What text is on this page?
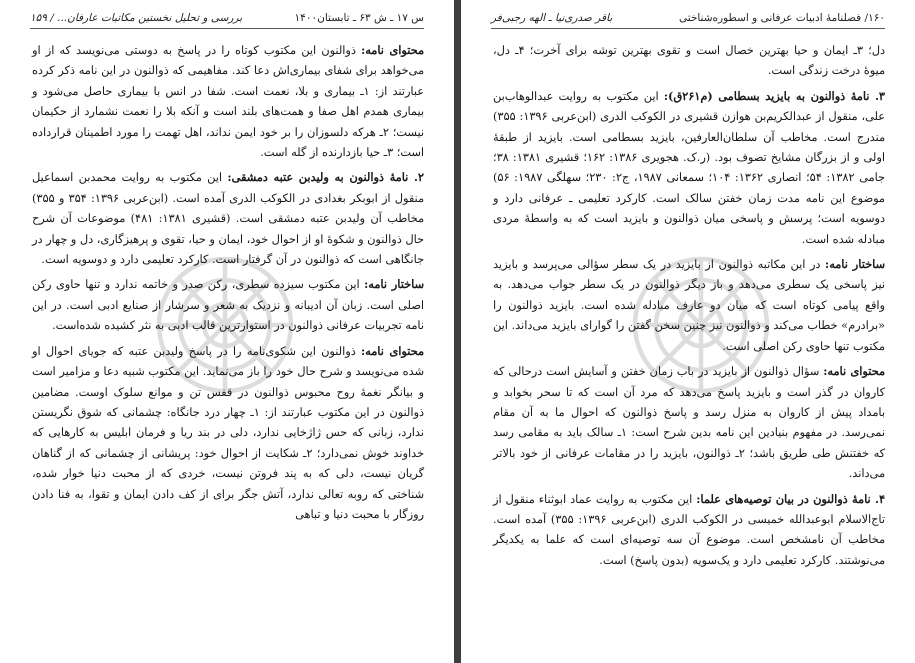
س ۱۷ ـ ش ۶۳ ـ تابستان۱۴۰۰
بررسی و تحلیل نخستین مکاتبات عارفان... / ۱۵۹

محتوای نامه: ذوالنون این مکتوب کوتاه را در پاسخ به دوستی می‌نویسد که از او می‌خواهد برای شفای بیماری‌اش دعا کند. مفاهیمی که ذوالنون در این نامه ذکر کرده عبارتند از: ۱ـ بیماری و بلا، نعمت است. شفا در انس با بیماری حاصل می‌شود و بیماری همدم اهل صفا و همت‌های بلند است و آنکه بلا را نعمت نشمارد از حکیمان نیست؛ ۲ـ هرکه دلسوزان را بر خود ایمن نداند، اهل تهمت را مورد اطمینان قرارداده است؛ ۳ـ حیا بازدارنده از گله است.

۲. نامۀ ذوالنون به ولیدبن عتبه دمشقی: این مکتوب به روایت محمدبن اسماعیل منقول از ابوبکر بغدادی در الکوکب الدری آمده است. (ابن‌عربی ۱۳۹۶: ۳۵۴ و ۳۵۵) مخاطب آن ولیدبن عتبه دمشقی است. (قشیری ۱۳۸۱: ۴۸۱) موضوعات آن شرح حال ذوالنون و شکوۀ او از احوال خود، ایمان و حیا، تقوی و پرهیزگاری، دل و چهار در جانگاهی است که ذوالنون در آن گرفتار است. کارکرد تعلیمی دارد و دوسویه است.

ساختار نامه: این مکتوب سیزده سطری، رکن صدر و خاتمه ندارد و تنها حاوی رکن اصلی است. زبان آن ادیبانه و نزدیک به شعر و سرشار از صنایع ادبی است. در این نامه تجربیات عرفانی ذوالنون در استوارترین قالب ادبی به نثر کشیده شده‌است.

محتوای نامه: ذوالنون این شکوی‌نامه را در پاسخ ولیدبن عتبه که جویای احوال او شده می‌نویسد و شرح حال خود را باز می‌نماید. این مکتوب شبیه دعا و مزامیر است و بیانگر نغمۀ روح محبوس ذوالنون در قفس تن و موانع سلوک اوست. مضامین ذوالنون در این مکتوب عبارتند از: ۱ـ چهار درد جانگاه: چشمانی که شوق نگریستن ندارد، زبانی که حس ژاژخایی ندارد، دلی در بند ریا و فرمان ابلیس به کارهایی که خداوند خوش نمی‌دارد؛ ۲ـ شکایت از احوال خود: پریشانی از چشمانی که از گناهان گریان نیست، دلی که به پند فروتن نیست، خردی که از محبت دنیا خوار شده، شناختی که روبه تعالی ندارد، آتش جگر برای از کف دادن ایمان و تقوا، به فنا دادن روزگار با محبت دنیا و تباهی

۱۶۰/ فصلنامۀ ادبیات عرفانی و اسطوره‌شناختی
باقر صدری‌نیا ـ الهه رجبی‌فر

دل؛ ۳ـ ایمان و حیا بهترین خصال است و تقوی بهترین توشه برای آخرت؛ ۴ـ دل، میوۀ درخت زندگی است.

۳. نامۀ ذوالنون به بایزید بسطامی (م۲۶۱ق): این مکتوب به روایت عبدالوهاب‌بن علی، منقول از عبدالکریم‌بن هوازن قشیری در الکوکب الدری (ابن‌عربی ۱۳۹۶: ۳۵۵) مندرج است. مخاطب آن سلطان‌العارفین، بایزید بسطامی است. بایزید از طبقۀ اولی و از بزرگان مشایخ تصوف بود. (ر.ک. هجویری ۱۳۸۶: ۱۶۲؛ قشیری ۱۳۸۱: ۳۸؛ جامی ۱۳۸۲: ۵۴؛ انصاری ۱۳۶۲: ۱۰۴؛ سمعانی ۱۹۸۷، ج۲: ۲۳۰؛ سهلگی ۱۹۸۷: ۵۶) موضوع این نامه مدت زمان خفتن سالک است. کارکرد تعلیمی ـ عرفانی دارد و دوسویه است؛ پرسش و پاسخی میان ذوالنون و بایزید است که به واسطۀ مردی مبادله شده است.

ساختار نامه: در این مکاتبه ذوالنون از بایزید در یک سطر سؤالی می‌پرسد و بایزید نیز پاسخی یک سطری می‌دهد و باز دیگر ذوالنون در یک سطر جواب می‌دهد. به واقع پیامی کوتاه است که میان دو عارف مبادله شده است. بایزید ذوالنون را «برادرم» خطاب می‌کند و ذوالنون نیز چنین سخن گفتن را گوارای بایزید می‌داند. این مکتوب تنها حاوی رکن اصلی است.

محتوای نامه: سؤال ذوالنون از بایزید در باب زمان خفتن و آسایش است درحالی که کاروان در گذر است و بایزید پاسخ می‌دهد که مرد آن است که تا سحر بخوابد و بامداد پیش از کاروان به منزل رسد و پاسخ ذوالنون که احوال ما به آن مقام نمی‌رسد. در مفهوم بنیادین این نامه بدین شرح است: ۱ـ سالک باید به مقامی رسد که خفتنش طی طریق باشد؛ ۲ـ ذوالنون، بایزید را در مقامات عرفانی از خود بالاتر می‌داند.

۴. نامۀ ذوالنون در بیان توصیه‌های علما: این مکتوب به روایت عماد ابوثناء منقول از تاج‌الاسلام ابوعبدالله خمیسی در الکوکب الدری (ابن‌عربی ۱۳۹۶: ۳۵۵) آمده است. مخاطب آن نامشخص است. موضوع آن سه توصیه‌ای است که علما به یکدیگر می‌نوشتند. کارکرد تعلیمی دارد و یک‌سویه (بدون پاسخ) است.
